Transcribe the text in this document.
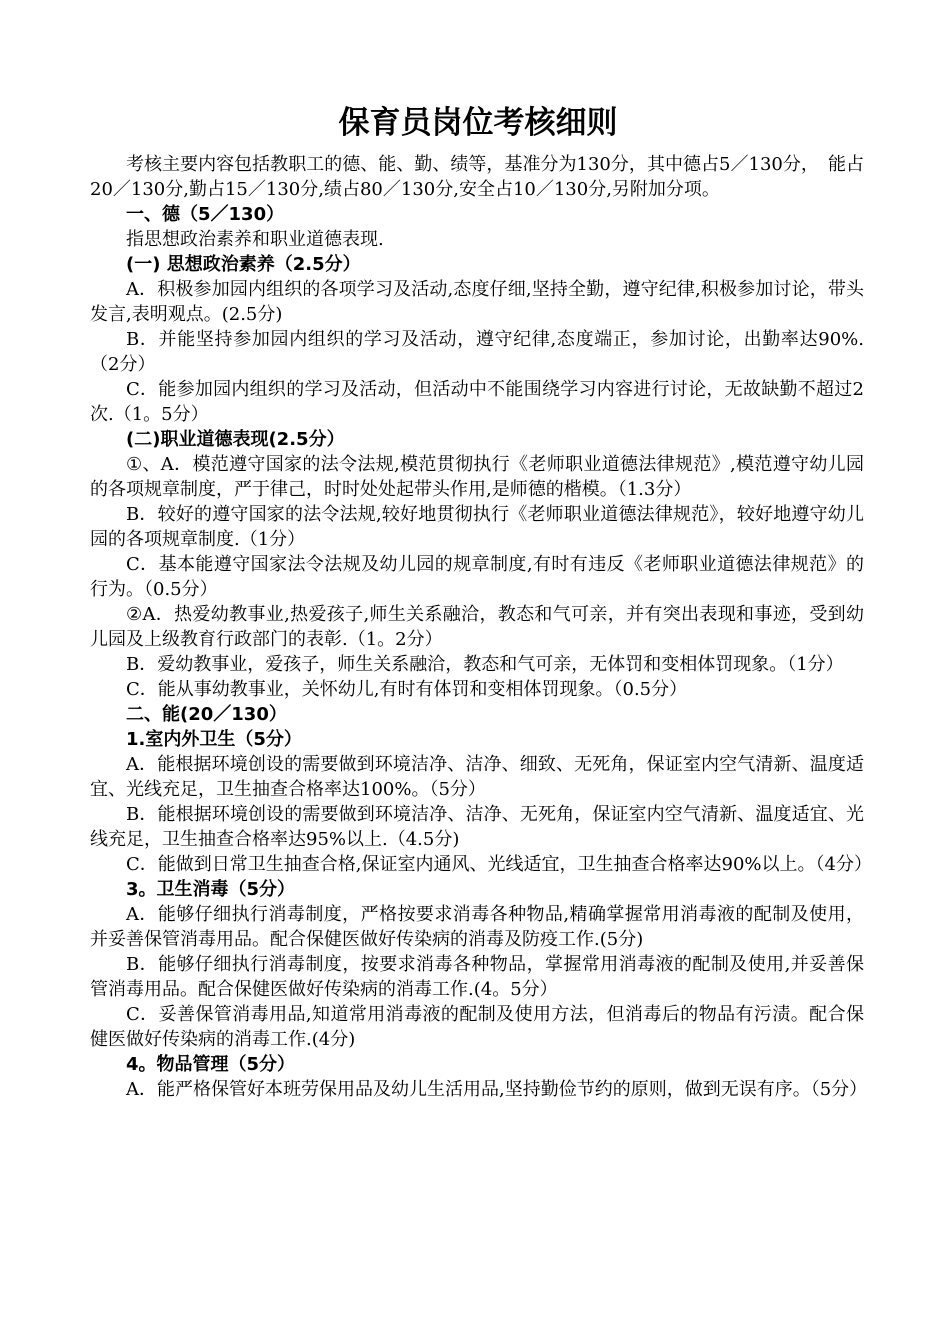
保育员岗位考核细则

考核主要内容包括教职工的德、能、勤、绩等，基准分为130分，其中德占5／130分，　能占20／130分,勤占15／130分,绩占80／130分,安全占10／130分,另附加分项。

一、德（5／130）

指思想政治素养和职业道德表现.

(一) 思想政治素养（2.5分）

A．积极参加园内组织的各项学习及活动,态度仔细,坚持全勤，遵守纪律,积极参加讨论，带头发言,表明观点。(2.5分)

B．并能坚持参加园内组织的学习及活动，遵守纪律,态度端正，参加讨论，出勤率达90%.（2分）

C．能参加园内组织的学习及活动，但活动中不能围绕学习内容进行讨论，无故缺勤不超过2次.（1。5分）

(二)职业道德表现(2.5分）

①、A．模范遵守国家的法令法规,模范贯彻执行《老师职业道德法律规范》,模范遵守幼儿园的各项规章制度，严于律己，时时处处起带头作用,是师德的楷模。（1.3分）

B．较好的遵守国家的法令法规,较好地贯彻执行《老师职业道德法律规范》，较好地遵守幼儿园的各项规章制度.（1分）

C．基本能遵守国家法令法规及幼儿园的规章制度,有时有违反《老师职业道德法律规范》的行为。（0.5分）

②A．热爱幼教事业,热爱孩子,师生关系融洽，教态和气可亲，并有突出表现和事迹，受到幼儿园及上级教育行政部门的表彰.（1。2分）

B．爱幼教事业，爱孩子，师生关系融洽，教态和气可亲，无体罚和变相体罚现象。（1分）

C．能从事幼教事业，关怀幼儿,有时有体罚和变相体罚现象。（0.5分）

二、能(20／130）

1.室内外卫生（5分）

A．能根据环境创设的需要做到环境洁净、洁净、细致、无死角，保证室内空气清新、温度适宜、光线充足，卫生抽查合格率达100%。（5分）

B．能根据环境创设的需要做到环境洁净、洁净、无死角，保证室内空气清新、温度适宜、光线充足，卫生抽查合格率达95%以上.（4.5分)

C．能做到日常卫生抽查合格,保证室内通风、光线适宜，卫生抽查合格率达90%以上。（4分）

3。卫生消毒（5分）

A．能够仔细执行消毒制度，严格按要求消毒各种物品,精确掌握常用消毒液的配制及使用，并妥善保管消毒用品。配合保健医做好传染病的消毒及防疫工作.(5分)

B．能够仔细执行消毒制度，按要求消毒各种物品，掌握常用消毒液的配制及使用,并妥善保管消毒用品。配合保健医做好传染病的消毒工作.(4。5分）

C．妥善保管消毒用品,知道常用消毒液的配制及使用方法，但消毒后的物品有污渍。配合保健医做好传染病的消毒工作.(4分)

4。物品管理（5分）

A．能严格保管好本班劳保用品及幼儿生活用品,坚持勤俭节约的原则，做到无误有序。（5分）
